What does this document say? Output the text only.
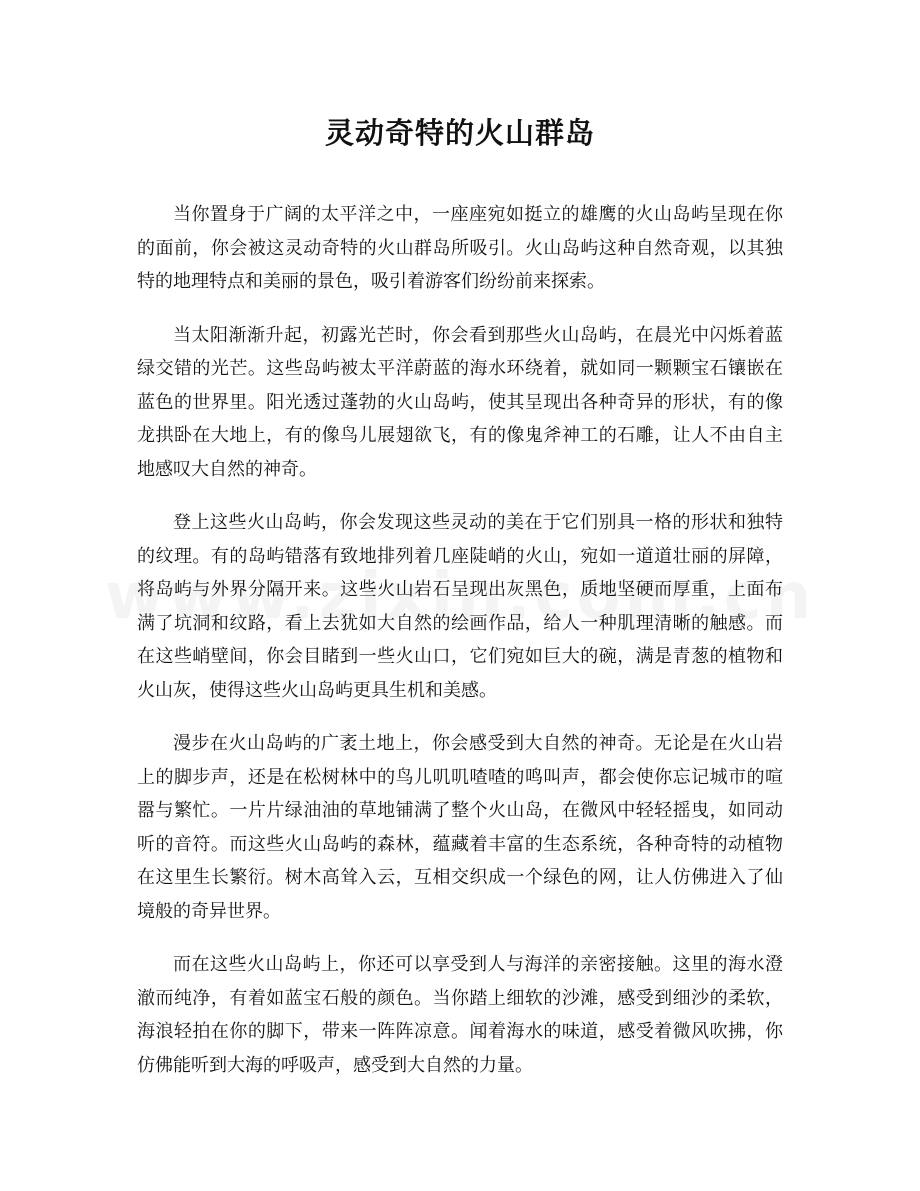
灵动奇特的火山群岛

当你置身于广阔的太平洋之中，一座座宛如挺立的雄鹰的火山岛屿呈现在你的面前，你会被这灵动奇特的火山群岛所吸引。火山岛屿这种自然奇观，以其独特的地理特点和美丽的景色，吸引着游客们纷纷前来探索。

当太阳渐渐升起，初露光芒时，你会看到那些火山岛屿，在晨光中闪烁着蓝绿交错的光芒。这些岛屿被太平洋蔚蓝的海水环绕着，就如同一颗颗宝石镶嵌在蓝色的世界里。阳光透过蓬勃的火山岛屿，使其呈现出各种奇异的形状，有的像龙拱卧在大地上，有的像鸟儿展翅欲飞，有的像鬼斧神工的石雕，让人不由自主地感叹大自然的神奇。

登上这些火山岛屿，你会发现这些灵动的美在于它们别具一格的形状和独特的纹理。有的岛屿错落有致地排列着几座陡峭的火山，宛如一道道壮丽的屏障，将岛屿与外界分隔开来。这些火山岩石呈现出灰黑色，质地坚硬而厚重，上面布满了坑洞和纹路，看上去犹如大自然的绘画作品，给人一种肌理清晰的触感。而在这些峭壁间，你会目睹到一些火山口，它们宛如巨大的碗，满是青葱的植物和火山灰，使得这些火山岛屿更具生机和美感。

漫步在火山岛屿的广袤土地上，你会感受到大自然的神奇。无论是在火山岩上的脚步声，还是在松树林中的鸟儿叽叽喳喳的鸣叫声，都会使你忘记城市的喧嚣与繁忙。一片片绿油油的草地铺满了整个火山岛，在微风中轻轻摇曳，如同动听的音符。而这些火山岛屿的森林，蕴藏着丰富的生态系统，各种奇特的动植物在这里生长繁衍。树木高耸入云，互相交织成一个绿色的网，让人仿佛进入了仙境般的奇异世界。

而在这些火山岛屿上，你还可以享受到人与海洋的亲密接触。这里的海水澄澈而纯净，有着如蓝宝石般的颜色。当你踏上细软的沙滩，感受到细沙的柔软，海浪轻拍在你的脚下，带来一阵阵凉意。闻着海水的味道，感受着微风吹拂，你仿佛能听到大海的呼吸声，感受到大自然的力量。
